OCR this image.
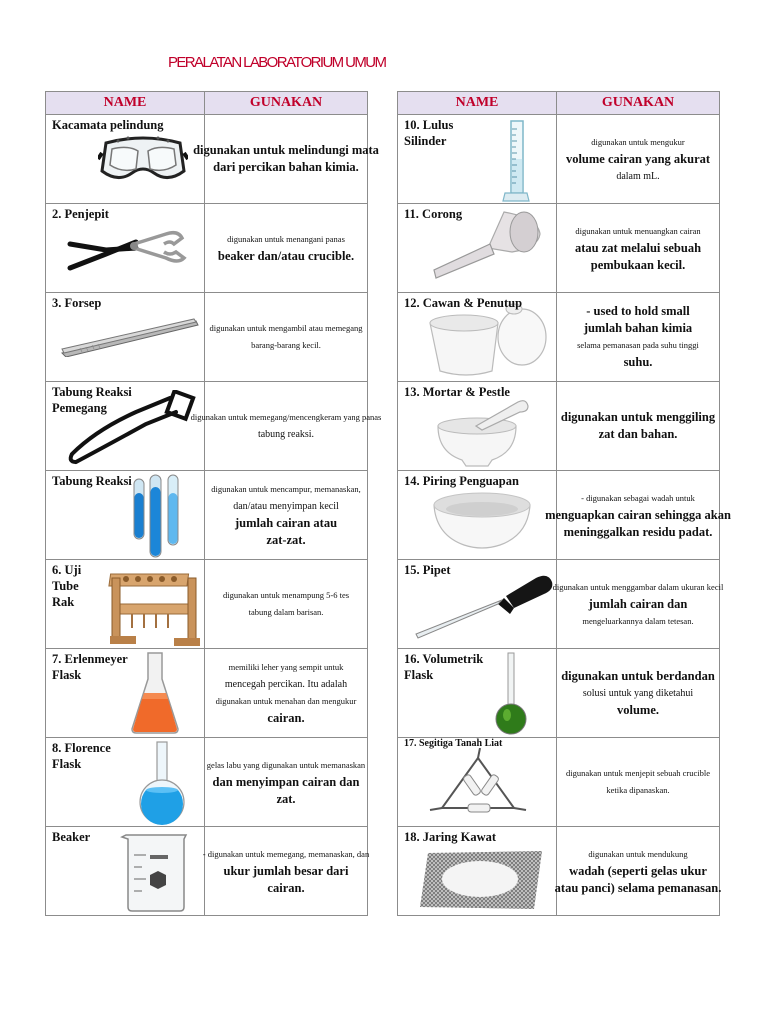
PERALATAN LABORATORIUM UMUM
NAME	GUNAKAN

Kacamata pelindung	digunakan untuk melindungi mata
dari percikan bahan kimia.

2. Penjepit	digunakan untuk menangani panas
beaker dan/atau crucible.

3. Forsep	digunakan untuk mengambil atau memegang
barang-barang kecil.

Tabung Reaksi
Pemegang	digunakan untuk memegang/mencengkeram yang panas
tabung reaksi.

Tabung Reaksi	digunakan untuk mencampur, memanaskan,
dan/atau menyimpan kecil
jumlah cairan atau
zat-zat.

6. Uji
Tube
Rak	digunakan untuk menampung 5-6 tes
tabung dalam barisan.

7. Erlenmeyer
Flask	memiliki leher yang sempit untuk
mencegah percikan. Itu adalah
digunakan untuk menahan dan mengukur
cairan.

8. Florence
Flask	gelas labu yang digunakan untuk memanaskan
dan menyimpan cairan dan
zat.

Beaker	- digunakan untuk memegang, memanaskan, dan
ukur jumlah besar dari
cairan.
NAME	GUNAKAN

10. Lulus
Silinder	digunakan untuk mengukur
volume cairan yang akurat
dalam mL.

11. Corong	digunakan untuk menuangkan cairan
atau zat melalui sebuah
pembukaan kecil.

12. Cawan & Penutup	- used to hold small
jumlah bahan kimia
selama pemanasan pada suhu tinggi
suhu.

13. Mortar & Pestle	digunakan untuk menggiling
zat dan bahan.

14. Piring Penguapan	- digunakan sebagai wadah untuk
menguapkan cairan sehingga akan
meninggalkan residu padat.

15. Pipet	digunakan untuk menggambar dalam ukuran kecil
jumlah cairan dan
mengeluarkannya dalam tetesan.

16. Volumetrik
Flask	digunakan untuk berdandan
solusi untuk yang diketahui
volume.

17. Segitiga Tanah Liat	digunakan untuk menjepit sebuah crucible
ketika dipanaskan.

18. Jaring Kawat	digunakan untuk mendukung
wadah (seperti gelas ukur
atau panci) selama pemanasan.
